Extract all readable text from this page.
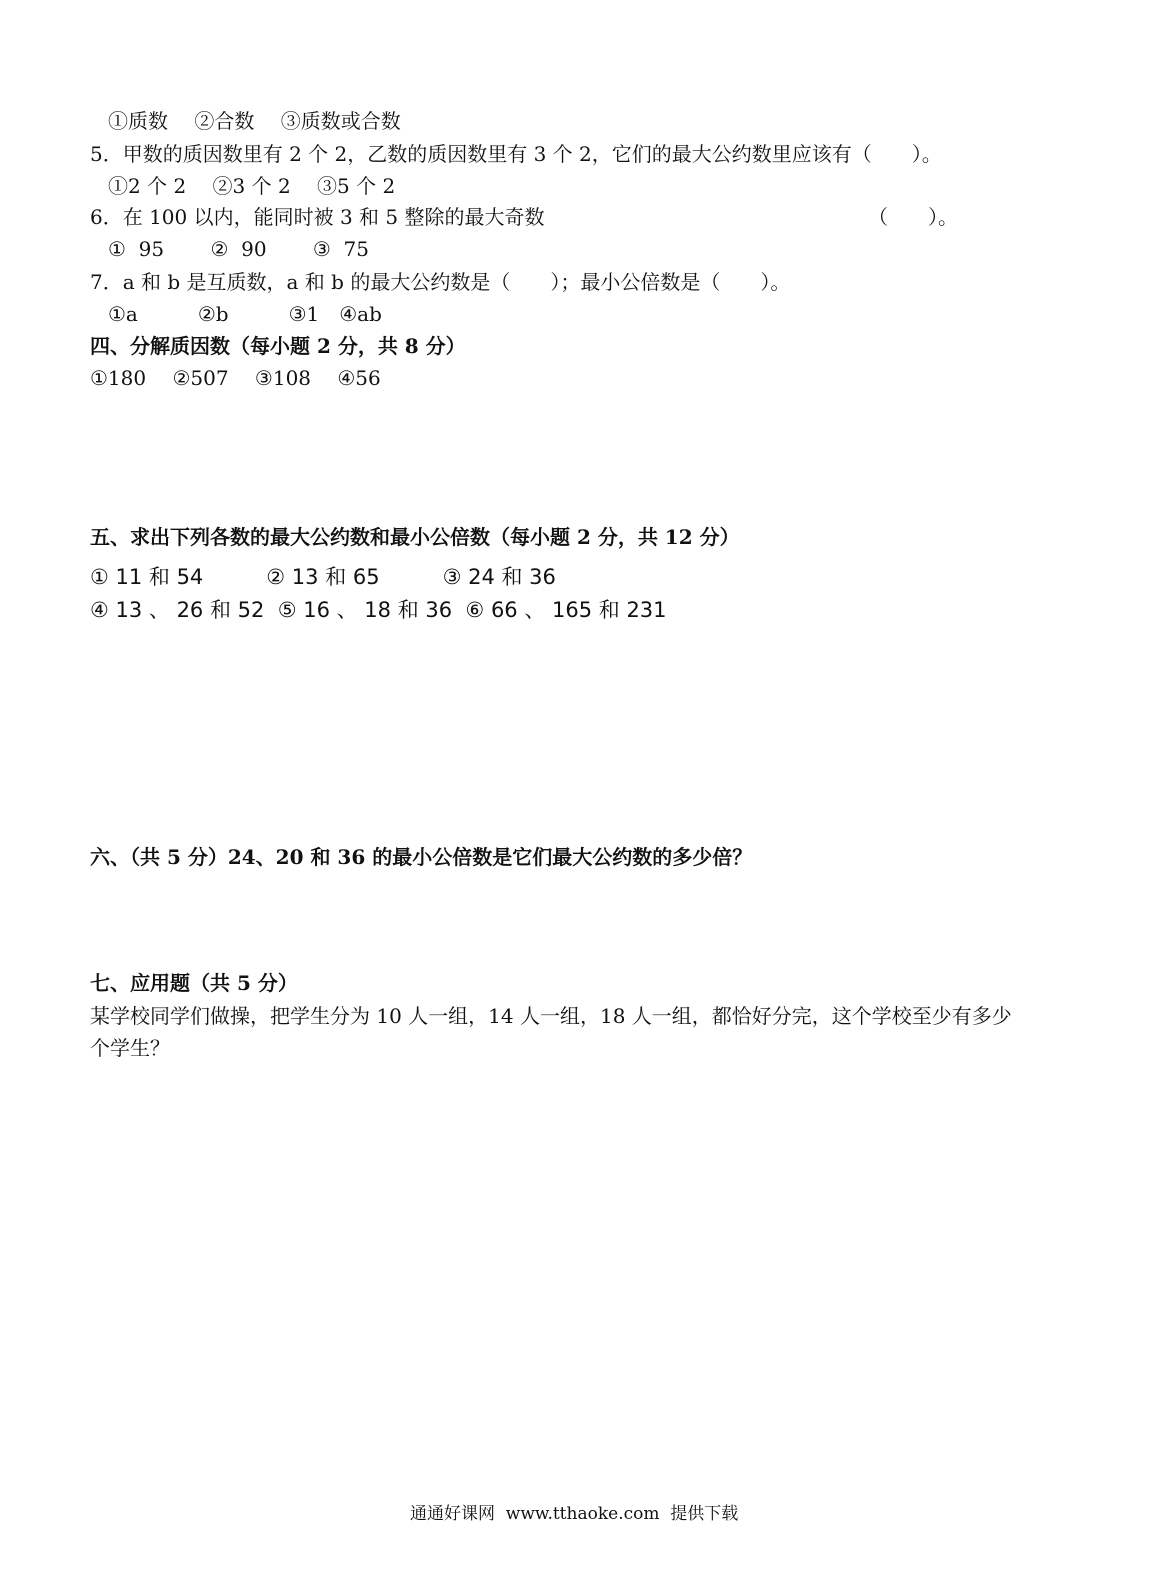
①质数　 ②合数　 ③质数或合数
5．甲数的质因数里有 2 个 2，乙数的质因数里有 3 个 2，它们的最大公约数里应该有（　　）。
①2 个 2　 ②3 个 2　 ③5 个 2
6．在 100 以内，能同时被 3 和 5 整除的最大奇数	（　　）。
①  95　　 ②  90　　 ③  75
7．a 和 b 是互质数，a 和 b 的最大公约数是（　　）；最小公倍数是（　　）。
①a　　　②b　　　③1　④ab
四、分解质因数（每小题 2 分，共 8 分）
①180　 ②507　 ③108　 ④56
五、求出下列各数的最大公约数和最小公倍数（每小题 2 分，共 12 分）
① 11 和 54　　　② 13 和 65　　　③ 24 和 36
④ 13 、 26 和 52  ⑤ 16 、 18 和 36  ⑥ 66 、 165 和 231
六、（共 5 分）24、20 和 36 的最小公倍数是它们最大公约数的多少倍？
七、应用题（共 5 分）
某学校同学们做操，把学生分为 10 人一组，14 人一组，18 人一组，都恰好分完，这个学校至少有多少
个学生？
通通好课网  www.tthaoke.com  提供下载
